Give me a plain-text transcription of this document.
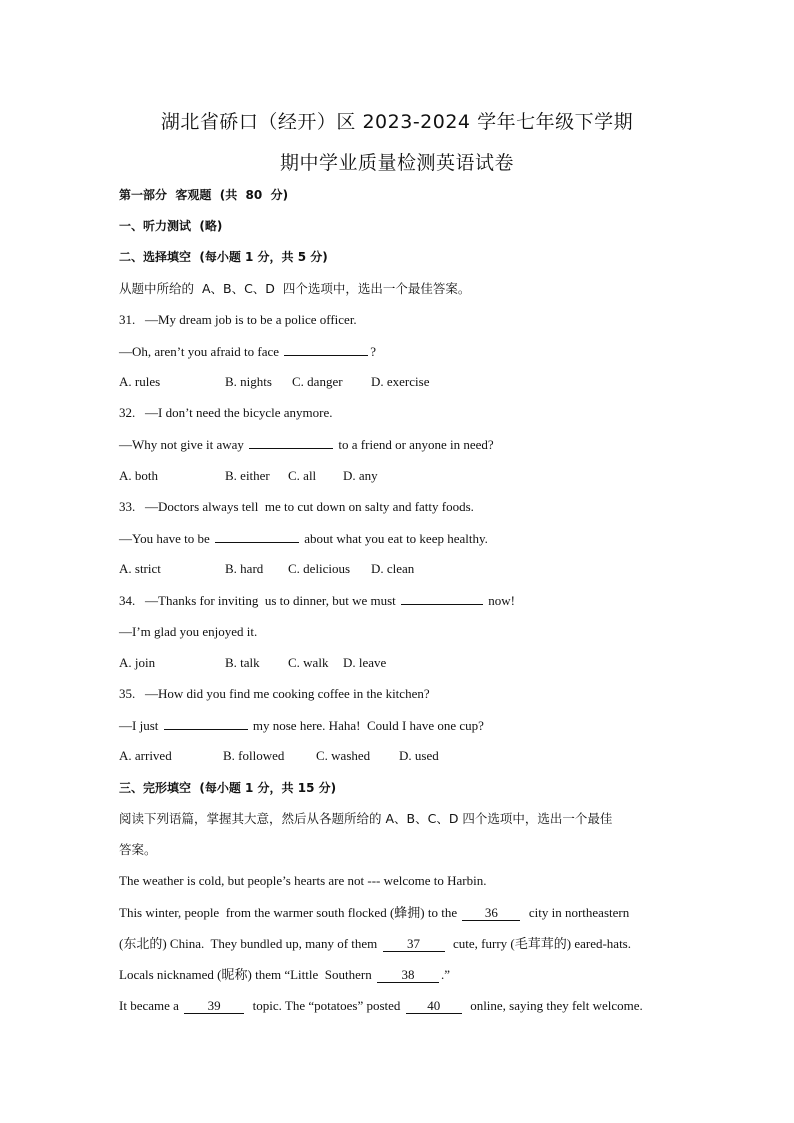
湖北省硚口（经开）区 2023-2024 学年七年级下学期
期中学业质量检测英语试卷
第一部分  客观题  (共  80  分)
一、听力测试  (略)
二、选择填空  (每小题 1 分，共 5 分)
从题中所给的  A、B、C、D  四个选项中，选出一个最佳答案。
31.   —My dream job is to be a police officer.
—Oh, aren’t you afraid to face	?
A. rules	B. nights C. danger D. exercise
32.   —I don’t need the bicycle anymore.
—Why not give it away	to a friend or anyone in need?
A. both	B. either C. all D. any
33.   —Doctors always tell  me to cut down on salty and fatty foods.
—You have to be	about what you eat to keep healthy.
A. strict	B. hard C. delicious D. clean
34.   —Thanks for inviting  us to dinner, but we must	now!
—I’m glad you enjoyed it.
A. join	B. talk C. walk D. leave
35.   —How did you find me cooking coffee in the kitchen?
—I just	my nose here. Haha!  Could I have one cup?
A. arrived	B. followed C. washed D. used
三、完形填空  (每小题 1 分，共 15 分)
阅读下列语篇，掌握其大意，然后从各题所给的 A、B、C、D 四个选项中，选出一个最佳
答案。
The weather is cold, but people’s hearts are not --- welcome to Harbin.
This winter, people  from the warmer south flocked (蜂拥) to the 36  city in northeastern
(东北的) China.  They bundled up, many of them 37  cute, furry (毛茸茸的) eared-hats.
Locals nicknamed (昵称) them “Little  Southern 38 .”
It became a 39  topic. The “potatoes” posted 40  online, saying they felt welcome.
